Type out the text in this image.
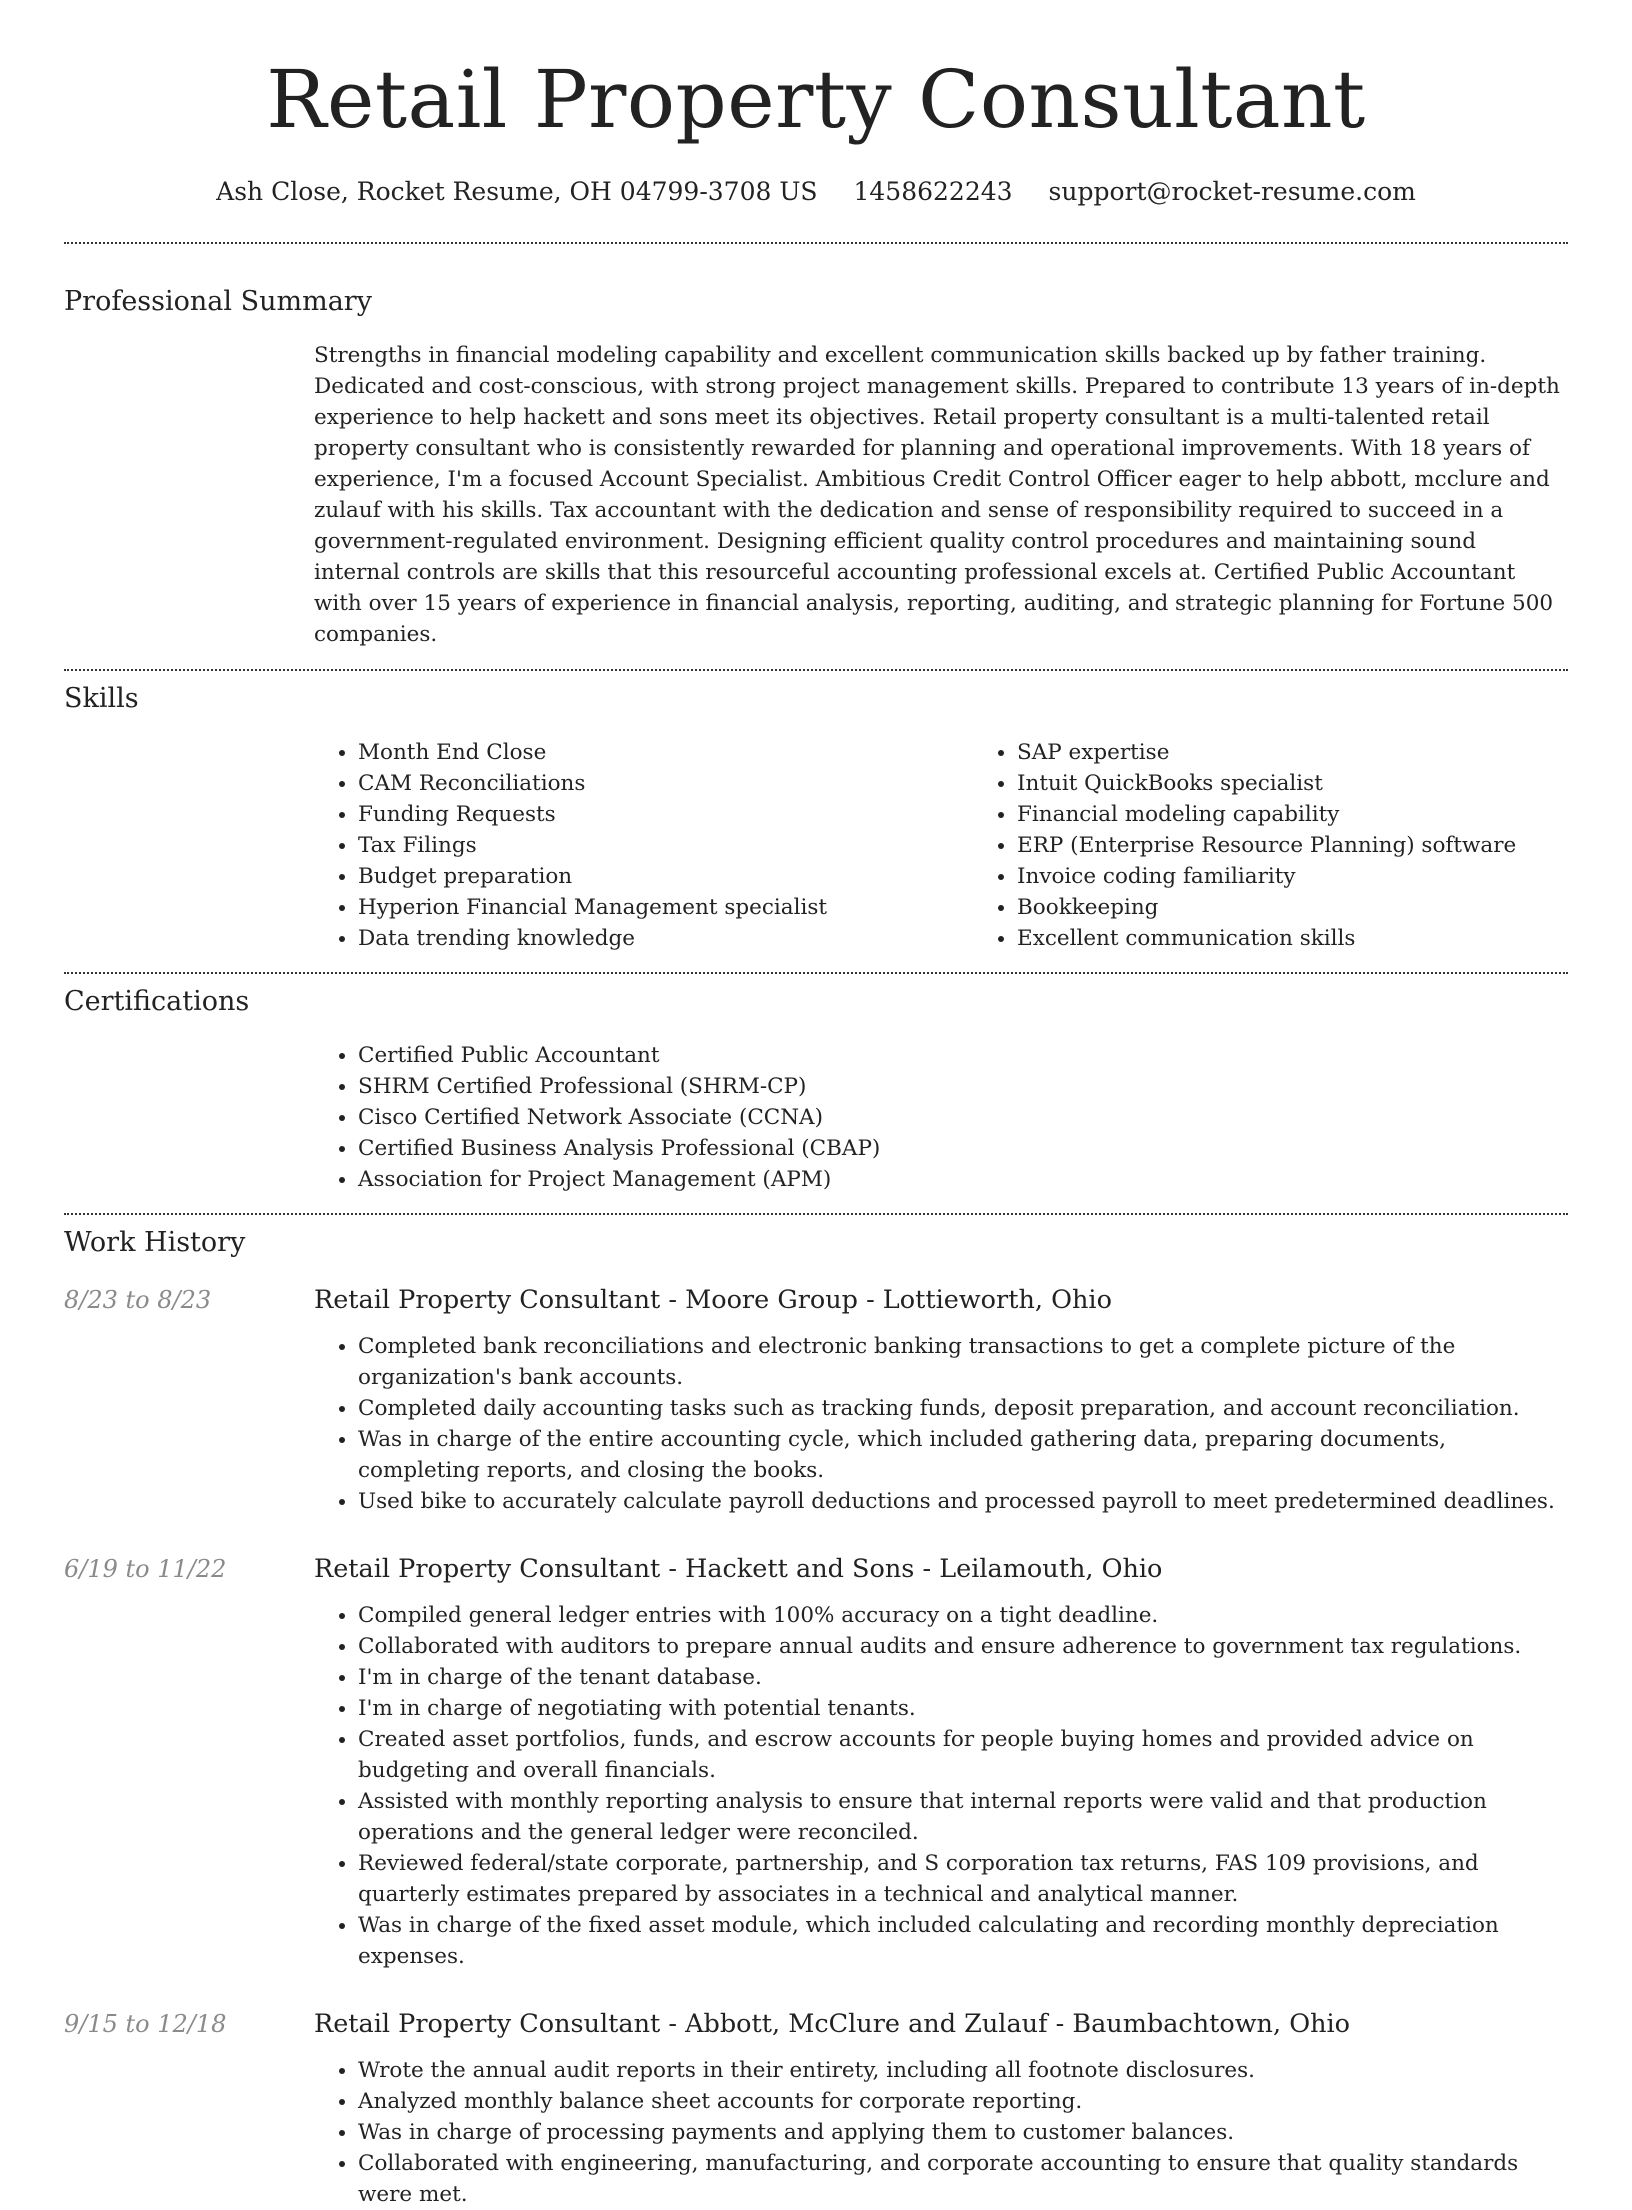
Retail Property Consultant
Ash Close, Rocket Resume, OH 04799-3708 US 1458622243 support@rocket-resume.com
Professional Summary

Strengths in financial modeling capability and excellent communication skills backed up by father training. Dedicated and cost-conscious, with strong project management skills. Prepared to contribute 13 years of in-depth experience to help hackett and sons meet its objectives. Retail property consultant is a multi-talented retail property consultant who is consistently rewarded for planning and operational improvements. With 18 years of experience, I'm a focused Account Specialist. Ambitious Credit Control Officer eager to help abbott, mcclure and zulauf with his skills. Tax accountant with the dedication and sense of responsibility required to succeed in a government-regulated environment. Designing efficient quality control procedures and maintaining sound internal controls are skills that this resourceful accounting professional excels at. Certified Public Accountant with over 15 years of experience in financial analysis, reporting, auditing, and strategic planning for Fortune 500 companies.

Skills
• Month End Close
• CAM Reconciliations
• Funding Requests
• Tax Filings
• Budget preparation
• Hyperion Financial Management specialist
• Data trending knowledge
• SAP expertise
• Intuit QuickBooks specialist
• Financial modeling capability
• ERP (Enterprise Resource Planning) software
• Invoice coding familiarity
• Bookkeeping
• Excellent communication skills
Certifications
• Certified Public Accountant
• SHRM Certified Professional (SHRM-CP)
• Cisco Certified Network Associate (CCNA)
• Certified Business Analysis Professional (CBAP)
• Association for Project Management (APM)
Work History
8/23 to 8/23	Retail Property Consultant - Moore Group - Lottieworth, Ohio
• Completed bank reconciliations and electronic banking transactions to get a complete picture of the organization's bank accounts.
• Completed daily accounting tasks such as tracking funds, deposit preparation, and account reconciliation.
• Was in charge of the entire accounting cycle, which included gathering data, preparing documents, completing reports, and closing the books.
• Used bike to accurately calculate payroll deductions and processed payroll to meet predetermined deadlines.
6/19 to 11/22	Retail Property Consultant - Hackett and Sons - Leilamouth, Ohio
• Compiled general ledger entries with 100% accuracy on a tight deadline.
• Collaborated with auditors to prepare annual audits and ensure adherence to government tax regulations.
• I'm in charge of the tenant database.
• I'm in charge of negotiating with potential tenants.
• Created asset portfolios, funds, and escrow accounts for people buying homes and provided advice on budgeting and overall financials.
• Assisted with monthly reporting analysis to ensure that internal reports were valid and that production operations and the general ledger were reconciled.
• Reviewed federal/state corporate, partnership, and S corporation tax returns, FAS 109 provisions, and quarterly estimates prepared by associates in a technical and analytical manner.
• Was in charge of the fixed asset module, which included calculating and recording monthly depreciation expenses.
9/15 to 12/18	Retail Property Consultant - Abbott, McClure and Zulauf - Baumbachtown, Ohio
• Wrote the annual audit reports in their entirety, including all footnote disclosures.
• Analyzed monthly balance sheet accounts for corporate reporting.
• Was in charge of processing payments and applying them to customer balances.
• Collaborated with engineering, manufacturing, and corporate accounting to ensure that quality standards were met.
